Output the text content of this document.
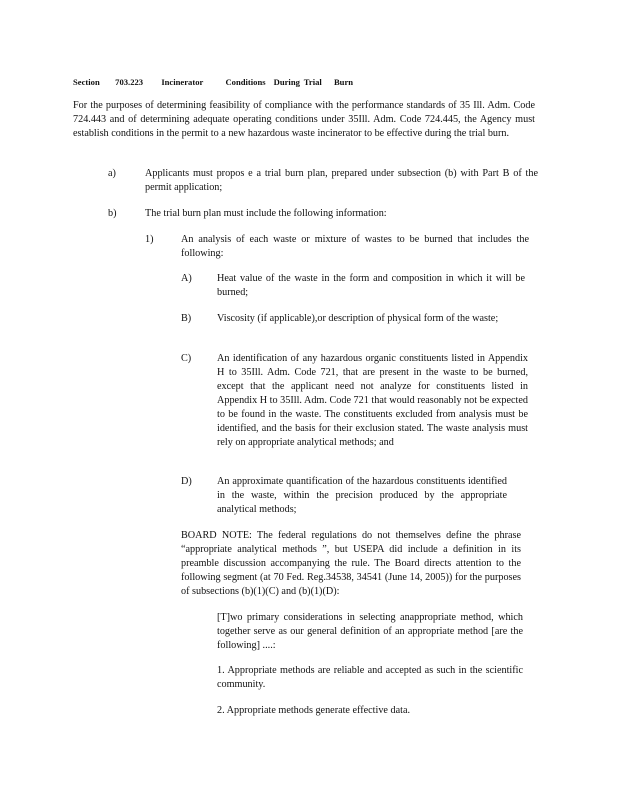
Section 703.223 Incinerator	Conditions During Trial Burn
For the purposes of determining feasibility of compliance with the performance standards of 35 Ill. Adm. Code 724.443 and of determining adequate operating conditions under 35Ill. Adm. Code 724.445, the Agency must establish conditions in the permit to a new hazardous waste incinerator to be effective during the trial burn.
a)	Applicants must propos e a trial burn plan, prepared under subsection (b) with Part B of the permit application;
b)	The trial burn plan must include the following information:
1)	An analysis of each waste or mixture of wastes to be burned that includes the following:
A) Heat value of the waste in the form and composition in which it will be burned;
B)	Viscosity (if applicable),or description of physical form of the waste;
C)	An identification of any hazardous organic constituents listed in Appendix H to 35Ill. Adm. Code 721, that are present in the waste to be burned, except that the applicant need not analyze for constituents listed in Appendix H to 35Ill. Adm. Code 721 that would reasonably not be expected to be found in the waste. The constituents excluded from analysis must be identified, and the basis for their exclusion stated. The waste analysis must rely on appropriate analytical methods; and
D) An approximate quantification of the hazardous constituents identified in the waste, within the precision produced by the appropriate analytical methods;
BOARD NOTE: The federal regulations do not themselves define the phrase “appropriate analytical methods ”, but USEPA did include a definition in its preamble discussion accompanying the rule. The Board directs attention to the following segment (at 70 Fed. Reg.34538, 34541 (June 14, 2005)) for the purposes of subsections (b)(1)(C) and (b)(1)(D):
[T]wo primary considerations in selecting anappropriate method, which together serve as our general definition of an appropriate method [are the following] ....:
1. Appropriate methods are reliable and accepted as such in the scientific community.
2. Appropriate methods generate effective data.
